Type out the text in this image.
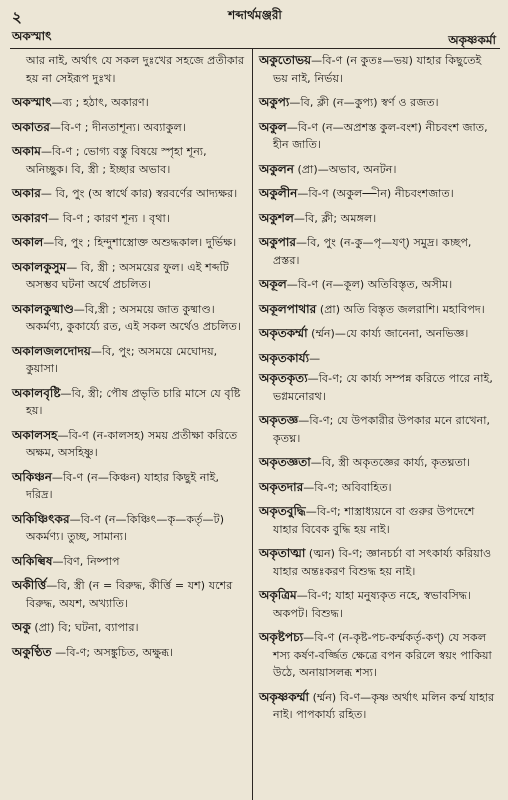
২	শব্দার্থমঞ্জরী
অকস্মাৎ	অকৃষ্ণকর্মা

আর নাই, অর্থাৎ যে সকল দুঃখের সহজে প্রতীকার হয় না সেইরূপ দুঃখ।

অকস্মাৎ—ব্য ; হঠাৎ, অকারণ।

অকাতর—বি-ণ ; দীনতাশূন্য। অব্যাকুল।

অকাম—বি-ণ ; ভোগ্য বস্তু বিষয়ে স্পৃহা শূন্য, অনিচ্ছুক। বি, স্ত্রী ; ইচ্ছার অভাব।

অকার— বি, পুং (অ স্বার্থে কার) স্বরবর্ণের আদ্যক্ষর।

অকারণ— বি-ণ ; কারণ শূন্য । বৃথা।

অকাল—বি, পুং ; হিন্দুশাস্ত্রোক্ত অশুদ্ধকাল। দুর্ভিক্ষ।

অকালকুসুম— বি, স্ত্রী ; অসময়ের ফুল। এই শব্দটি অসম্ভব ঘটনা অর্থে প্রচলিত।

অকালকুষ্মাণ্ড—বি,স্ত্রী ; অসময়ে জাত কুষ্মাণ্ড। অকর্মণ্য, কুকার্য্যে রত, এই সকল অর্থেও প্রচলিত।

অকালজলদোদয়—বি, পুং; অসময়ে মেঘোদয়, কুয়াসা।

অকালবৃষ্টি—বি, স্ত্রী; পৌষ প্রভৃতি চারি মাসে যে বৃষ্টি হয়।

অকালসহ—বি-ণ (ন-কালসহ) সময় প্রতীক্ষা করিতে অক্ষম, অসহিষ্ণু।

অকিঞ্চন—বি-ণ (ন—কিঞ্চন) যাহার কিছুই নাই, দরিদ্র।

অকিঞ্চিৎকর—বি-ণ (ন—কিঞ্চিৎ—কৃ—কর্তৃ—ট) অকর্মণ্য। তুচ্ছ, সামান্য।

অকিল্বিষ—বিণ, নিষ্পাপ

অকীর্ত্তি—বি, স্ত্রী (ন = বিরুদ্ধ, কীর্ত্তি = যশ) যশের বিরুদ্ধ, অযশ, অখ্যাতি।

অকু (প্রা) বি; ঘটনা, ব্যাপার।

অকুণ্ঠিত —বি-ণ; অসঙ্কুচিত, অক্ষুব্ধ।

অকুতোভয়—বি-ণ (ন কুতঃ—ভয়) যাহার কিছুতেই ভয় নাই, নির্ভয়।

অকুপ্য—বি, ক্লী (ন—কুপ্য) স্বর্ণ ও রজত।

অকুল—বি-ণ (ন—অপ্রশস্ত কুল-বংশ) নীচবংশ জাত, হীন জাতি।

অকুলন (প্রা)—অভাব, অনটন।

অকুলীন—বি-ণ (অকুল—ীন) নীচবংশজাত।

অকুশল—বি, ক্লী; অমঙ্গল।

অকুপার—বি, পুং (ন-কু—পৃ—যণ্) সমুদ্র। কচ্ছপ, প্রস্তর।

অকূল—বি-ণ (ন—কূল) অতিবিস্তৃত, অসীম।

অকূলপাথার (প্রা) অতি বিস্তৃত জলরাশি। মহাবিপদ।

অকৃতকর্ম্মা (র্ম্মন)—যে কার্য্য জানেনা, অনভিজ্ঞ।

অকৃতকার্য্য—

অকৃতকৃত্য—বি-ণ; যে কার্য্য সম্পন্ন করিতে পারে নাই, ভগ্নমনোরথ।

অকৃতজ্ঞ—বি-ণ; যে উপকারীর উপকার মনে রাখেনা, কৃতঘ্ন।

অকৃতজ্ঞতা—বি, স্ত্রী অকৃতজ্ঞের কার্য্য, কৃতঘ্নতা।

অকৃতদার—বি-ণ; অবিবাহিত।

অকৃতবুদ্ধি—বি-ণ; শাস্ত্রাধ্যয়নে বা গুরুর উপদেশে যাহার বিবেক বুদ্ধি হয় নাই।

অকৃতাত্মা (ত্মন) বি-ণ; জ্ঞানচর্চা বা সৎকার্য্য করিয়াও যাহার অন্তঃকরণ বিশুদ্ধ হয় নাই।

অকৃত্রিম—বি-ণ; যাহা মনুষ্যকৃত নহে, স্বভাবসিদ্ধ। অকপট। বিশুদ্ধ।

অকৃষ্টপচ্য—বি-ণ (ন-কৃষ্ট-পচ-কর্ম্মকর্তৃ-কণ্) যে সকল শস্য কর্ষণ-বর্জ্জিত ক্ষেত্রে বপন করিলে স্বয়ং পাকিয়া উঠে, অনায়াসলব্ধ শস্য।

অকৃষ্ণকর্ম্মা (র্ম্মন) বি-ণ—কৃষ্ণ অর্থাৎ মলিন কর্ম্ম যাহার নাই। পাপকার্য্য রহিত।
